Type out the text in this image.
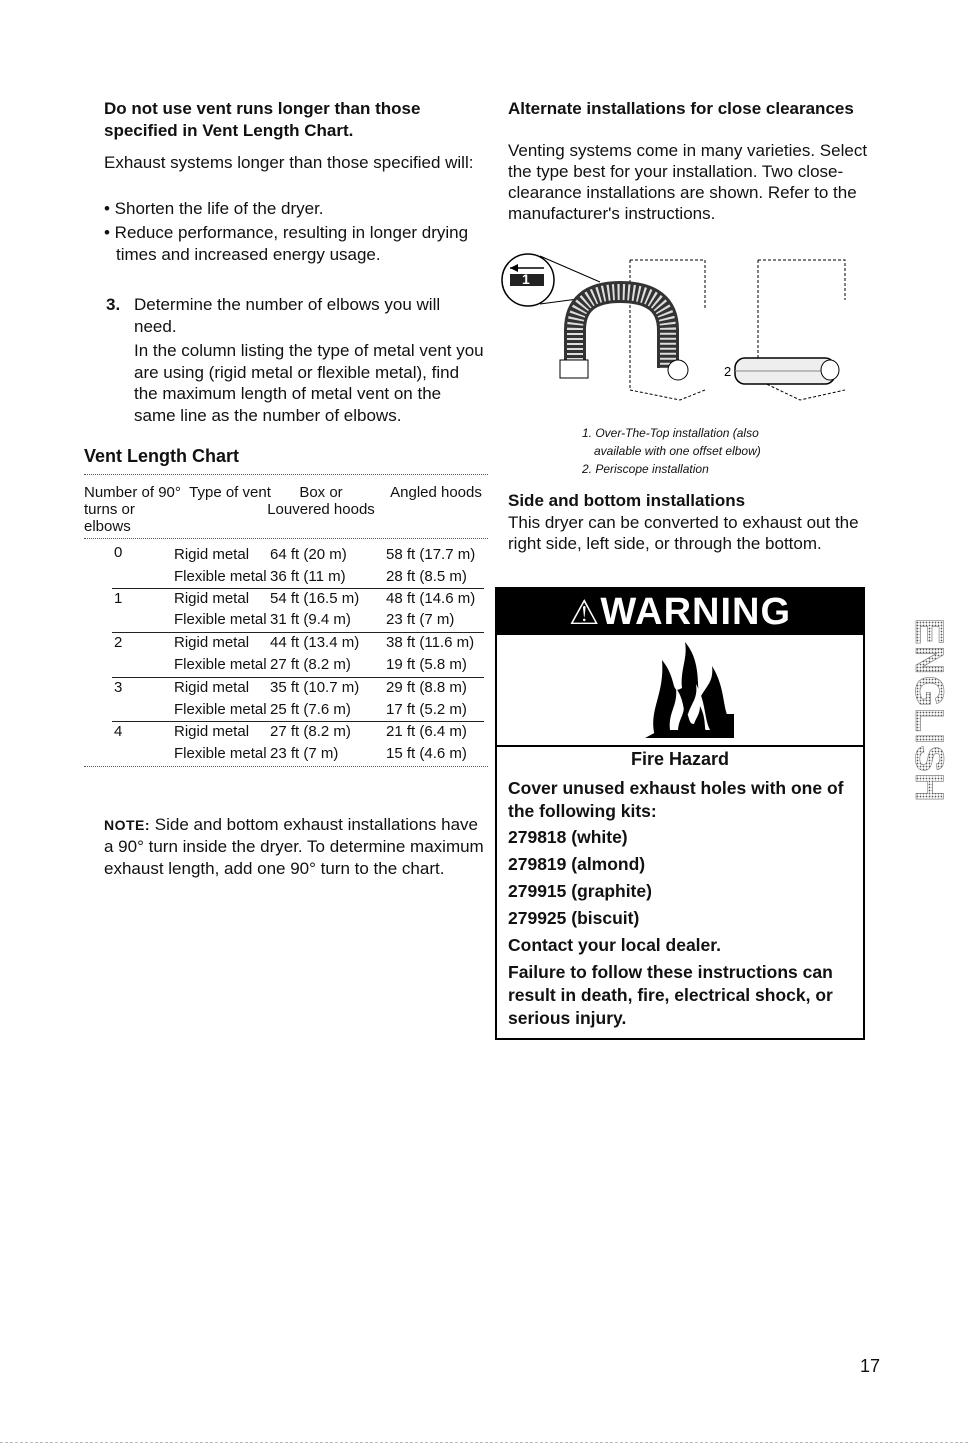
Do not use vent runs longer than those specified in Vent Length Chart.
Exhaust systems longer than those specified will:
• Shorten the life of the dryer.
• Reduce performance, resulting in longer drying times and increased energy usage.
3. Determine the number of elbows you will need.
In the column listing the type of metal vent you are using (rigid metal or flexible metal), find the maximum length of metal vent on the same line as the number of elbows.
Vent Length Chart
Number of 90° turns or elbows
Type of vent	Box or Louvered hoods
Angled hoods
0	Rigid metal 64 ft (20 m)	58 ft (17.7 m)
Flexible metal 36 ft (11 m)	28 ft (8.5 m)
1	Rigid metal 54 ft (16.5 m) 48 ft (14.6 m)
Flexible metal 31 ft (9.4 m) 23 ft (7 m)
2	Rigid metal 44 ft (13.4 m) 38 ft (11.6 m)
Flexible metal 27 ft (8.2 m) 19 ft (5.8 m)
3	Rigid metal 35 ft (10.7 m) 29 ft (8.8 m)
Flexible metal 25 ft (7.6 m) 17 ft (5.2 m)
4	Rigid metal 27 ft (8.2 m) 21 ft (6.4 m)
Flexible metal 23 ft (7 m)	15 ft (4.6 m)
NOTE: Side and bottom exhaust installations have a 90° turn inside the dryer. To determine maximum exhaust length, add one 90° turn to the chart.
Alternate installations for close clearances
Venting systems come in many varieties. Select the type best for your installation. Two close-clearance installations are shown. Refer to the manufacturer's instructions.
1
2
1. Over-The-Top installation (also
available with one offset elbow)
2. Periscope installation
Side and bottom installations
This dryer can be converted to exhaust out the right side, left side, or through the bottom.
⚠WARNING
Fire Hazard
Cover unused exhaust holes with one of the following kits:
279818 (white)
279819 (almond)
279915 (graphite)
279925 (biscuit)
Contact your local dealer.
Failure to follow these instructions can result in death, fire, electrical shock, or serious injury.
ENGLISH
17
